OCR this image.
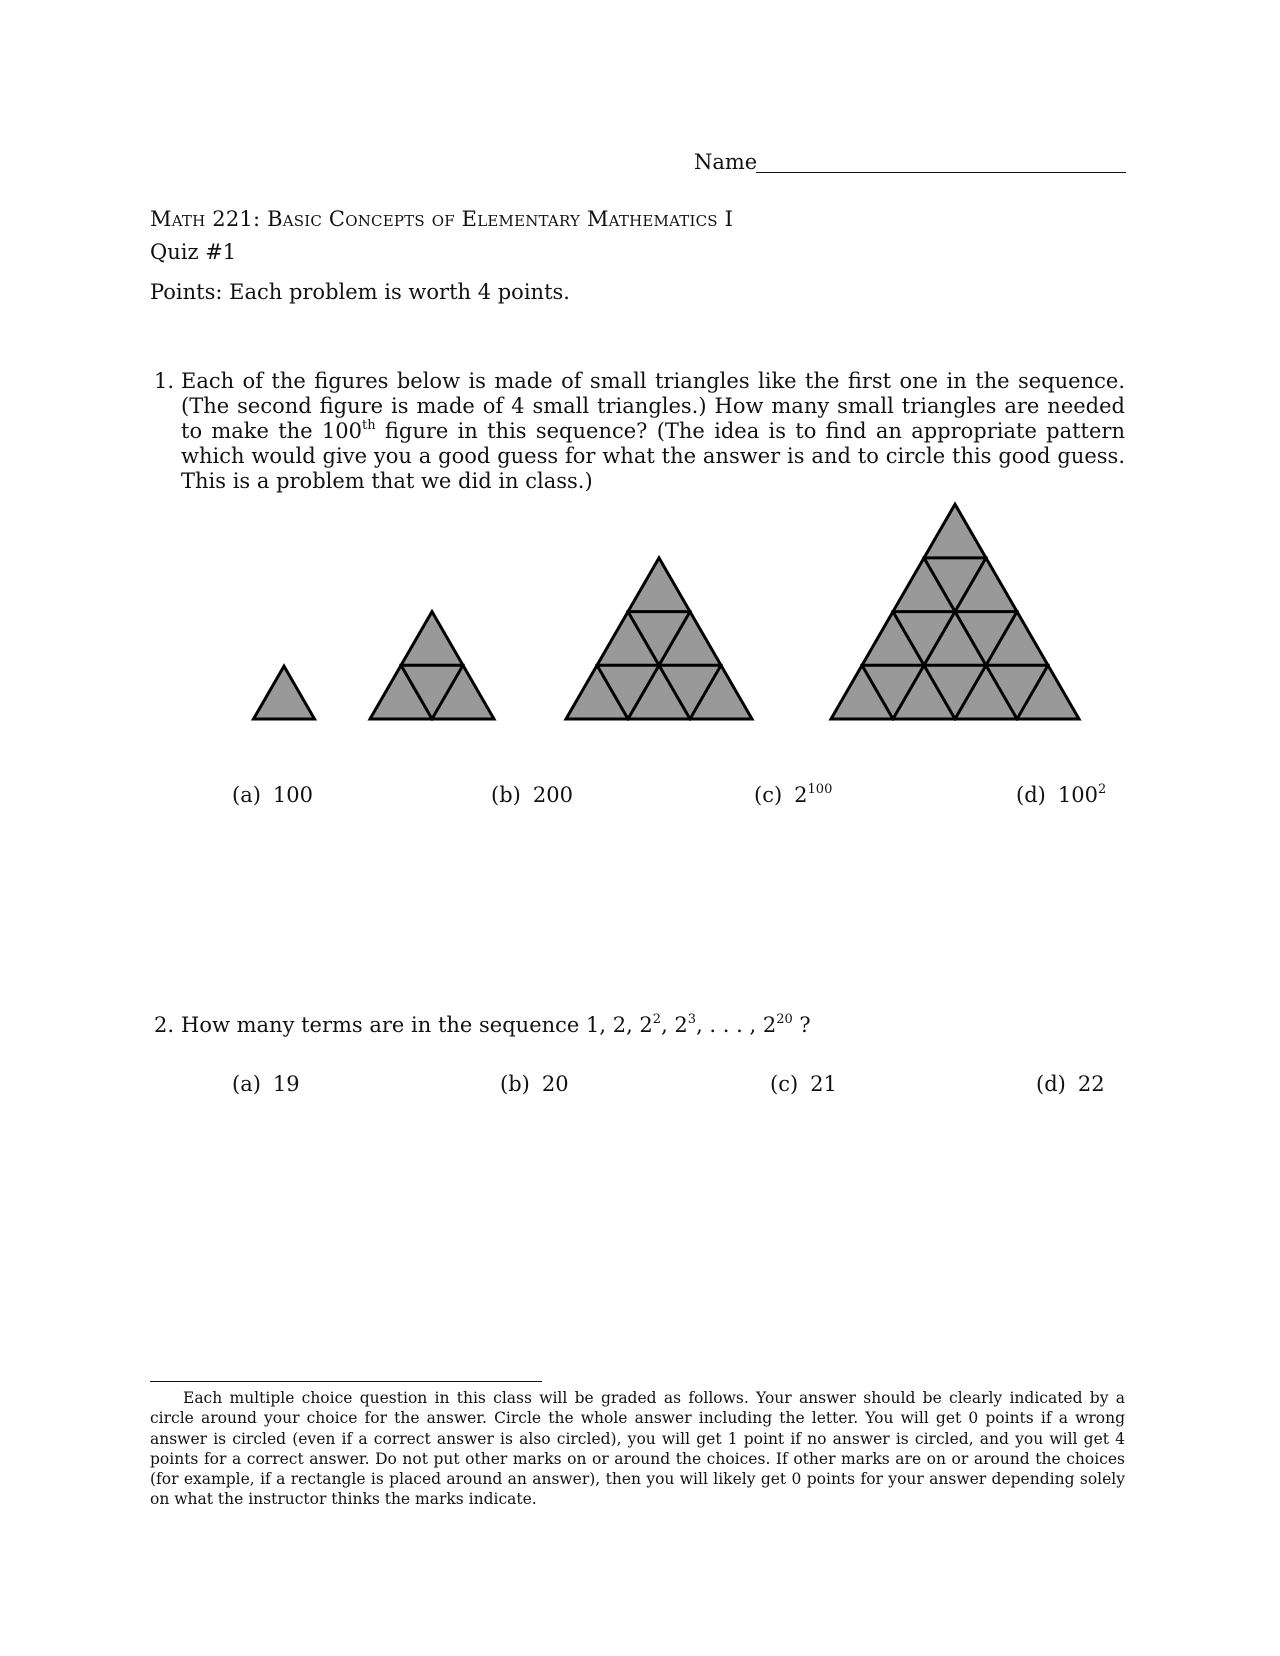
Name
Math 221: Basic Concepts of Elementary Mathematics I
Quiz #1
Points: Each problem is worth 4 points.
1. Each of the figures below is made of small triangles like the first one in the sequence. (The second figure is made of 4 small triangles.) How many small triangles are needed to make the 100th figure in this sequence? (The idea is to find an appropriate pattern which would give you a good guess for what the answer is and to circle this good guess. This is a problem that we did in class.)
(a) 100	(b) 200	(c) $2^{100}$	(d) $100^2$
2. How many terms are in the sequence 1, 2, $2^2$, $2^3$, . . . , $2^{20}$ ?
(a) 19	(b) 20	(c) 21	(d) 22
Each multiple choice question in this class will be graded as follows. Your answer should be clearly indicated by a circle around your choice for the answer. Circle the whole answer including the letter. You will get 0 points if a wrong answer is circled (even if a correct answer is also circled), you will get 1 point if no answer is circled, and you will get 4 points for a correct answer. Do not put other marks on or around the choices. If other marks are on or around the choices (for example, if a rectangle is placed around an answer), then you will likely get 0 points for your answer depending solely on what the instructor thinks the marks indicate.
